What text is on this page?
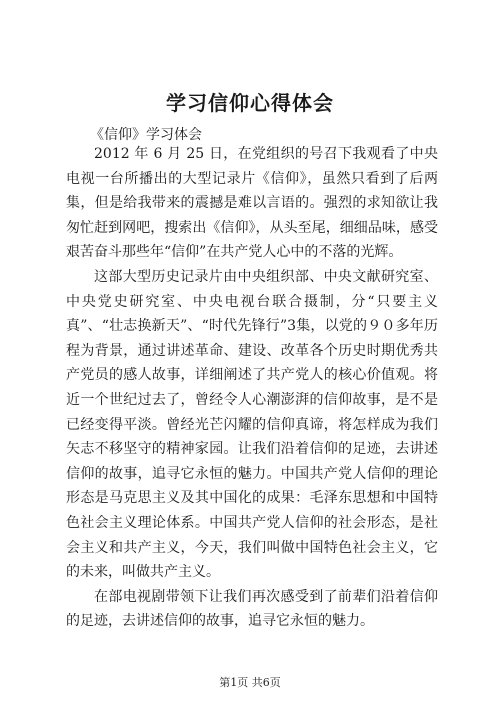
学习信仰心得体会
《信仰》学习体会

2012 年 6 月 25 日，在党组织的号召下我观看了中央电视一台所播出的大型记录片《信仰》，虽然只看到了后两集，但是给我带来的震撼是难以言语的。强烈的求知欲让我匆忙赶到网吧，搜索出《信仰》，从头至尾，细细品味，感受艰苦奋斗那些年“信仰”在共产党人心中的不落的光辉。

这部大型历史记录片由中央组织部、中央文献研究室、中央党史研究室、中央电视台联合摄制，分“只要主义真”、“壮志换新天”、“时代先锋行”3集，以党的９０多年历程为背景，通过讲述革命、建设、改革各个历史时期优秀共产党员的感人故事，详细阐述了共产党人的核心价值观。将近一个世纪过去了，曾经令人心潮澎湃的信仰故事，是不是已经变得平淡。曾经光芒闪耀的信仰真谛，将怎样成为我们矢志不移坚守的精神家园。让我们沿着信仰的足迹，去讲述信仰的故事，追寻它永恒的魅力。中国共产党人信仰的理论形态是马克思主义及其中国化的成果：毛泽东思想和中国特色社会主义理论体系。中国共产党人信仰的社会形态，是社会主义和共产主义，今天，我们叫做中国特色社会主义，它的未来，叫做共产主义。

在部电视剧带领下让我们再次感受到了前辈们沿着信仰的足迹，去讲述信仰的故事，追寻它永恒的魅力。

第1页 共6页
